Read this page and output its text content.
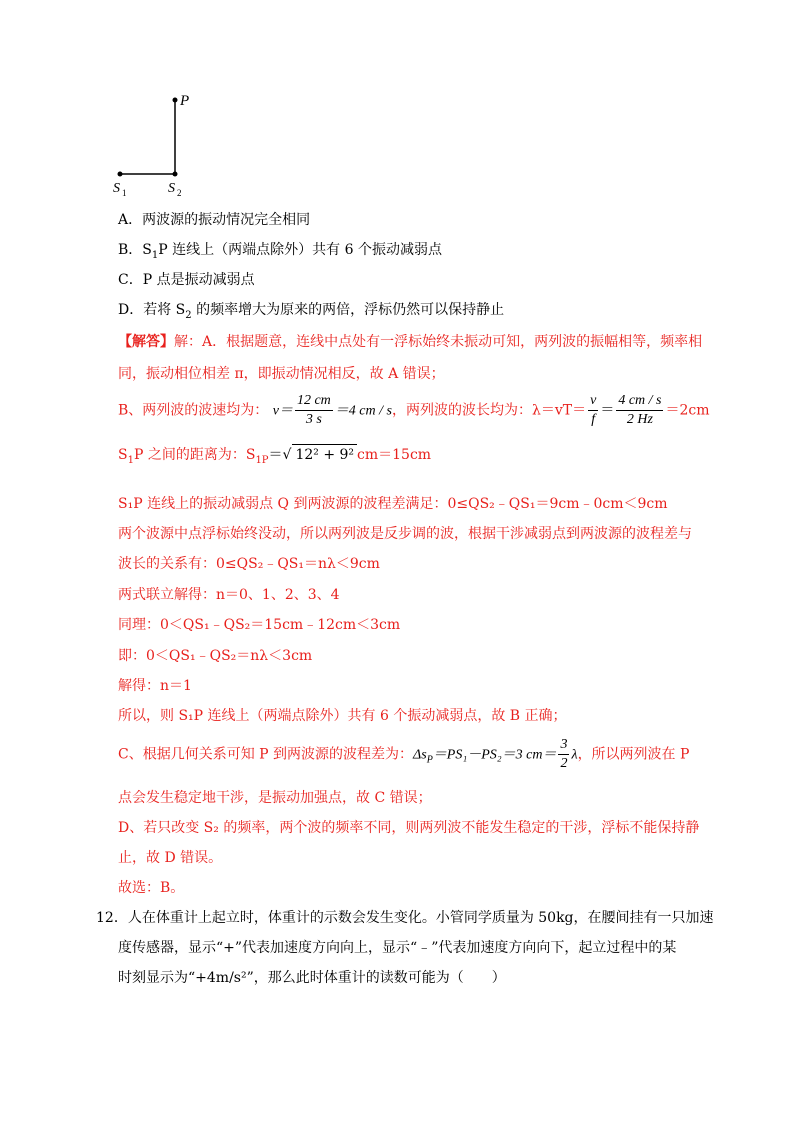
P
S 1	S 2
A．两波源的振动情况完全相同
B．$S_1P$ 连线上（两端点除外）共有 6 个振动减弱点
C．P 点是振动减弱点
D．若将 $S_2$ 的频率增大为原来的两倍，浮标仍然可以保持静止
【解答】解：A．根据题意，连线中点处有一浮标始终未振动可知，两列波的振幅相等，频率相
同，振动相位相差 π，即振动情况相反，故 A 错误；
B、两列波的波速均为： $v= \frac{12 cm}{3 s} =4$ cm / s，两列波的波长均为：$\lambda=vT= \frac{v}{f} = \frac{4 cm / s}{2 Hz} =2cm$
$S_1P$ 之间的距离为：$S_{1P}=√$ 12² + 9² cm＝15cm
S₁P 连线上的振动减弱点 Q 到两波源的波程差满足：0≤QS₂﹣QS₁＝9cm﹣0cm＜9cm
两个波源中点浮标始终没动，所以两列波是反步调的波，根据干涉减弱点到两波源的波程差与
波长的关系有：0≤QS₂﹣QS₁＝nλ＜9cm
两式联立解得：n＝0、1、2、3、4
同理：0＜QS₁﹣QS₂＝15cm﹣12cm＜3cm
即：0＜QS₁﹣QS₂＝nλ＜3cm
解得：n＝1
所以，则 S₁P 连线上（两端点除外）共有 6 个振动减弱点，故 B 正确；
C、根据几何关系可知 P 到两波源的波程差为：$\Delta s_P=PS_1-PS_2=3$ $cm= \frac{3}{2}$ λ，所以两列波在 P
点会发生稳定地干涉，是振动加强点，故 C 错误；
D、若只改变 S₂ 的频率，两个波的频率不同，则两列波不能发生稳定的干涉，浮标不能保持静
止，故 D 错误。
故选：B。
12．人在体重计上起立时，体重计的示数会发生变化。小管同学质量为 50kg，在腰间挂有一只加速
度传感器，显示“+”代表加速度方向向上，显示“﹣”代表加速度方向向下，起立过程中的某
时刻显示为“+4m/s²”，那么此时体重计的读数可能为（　　）
